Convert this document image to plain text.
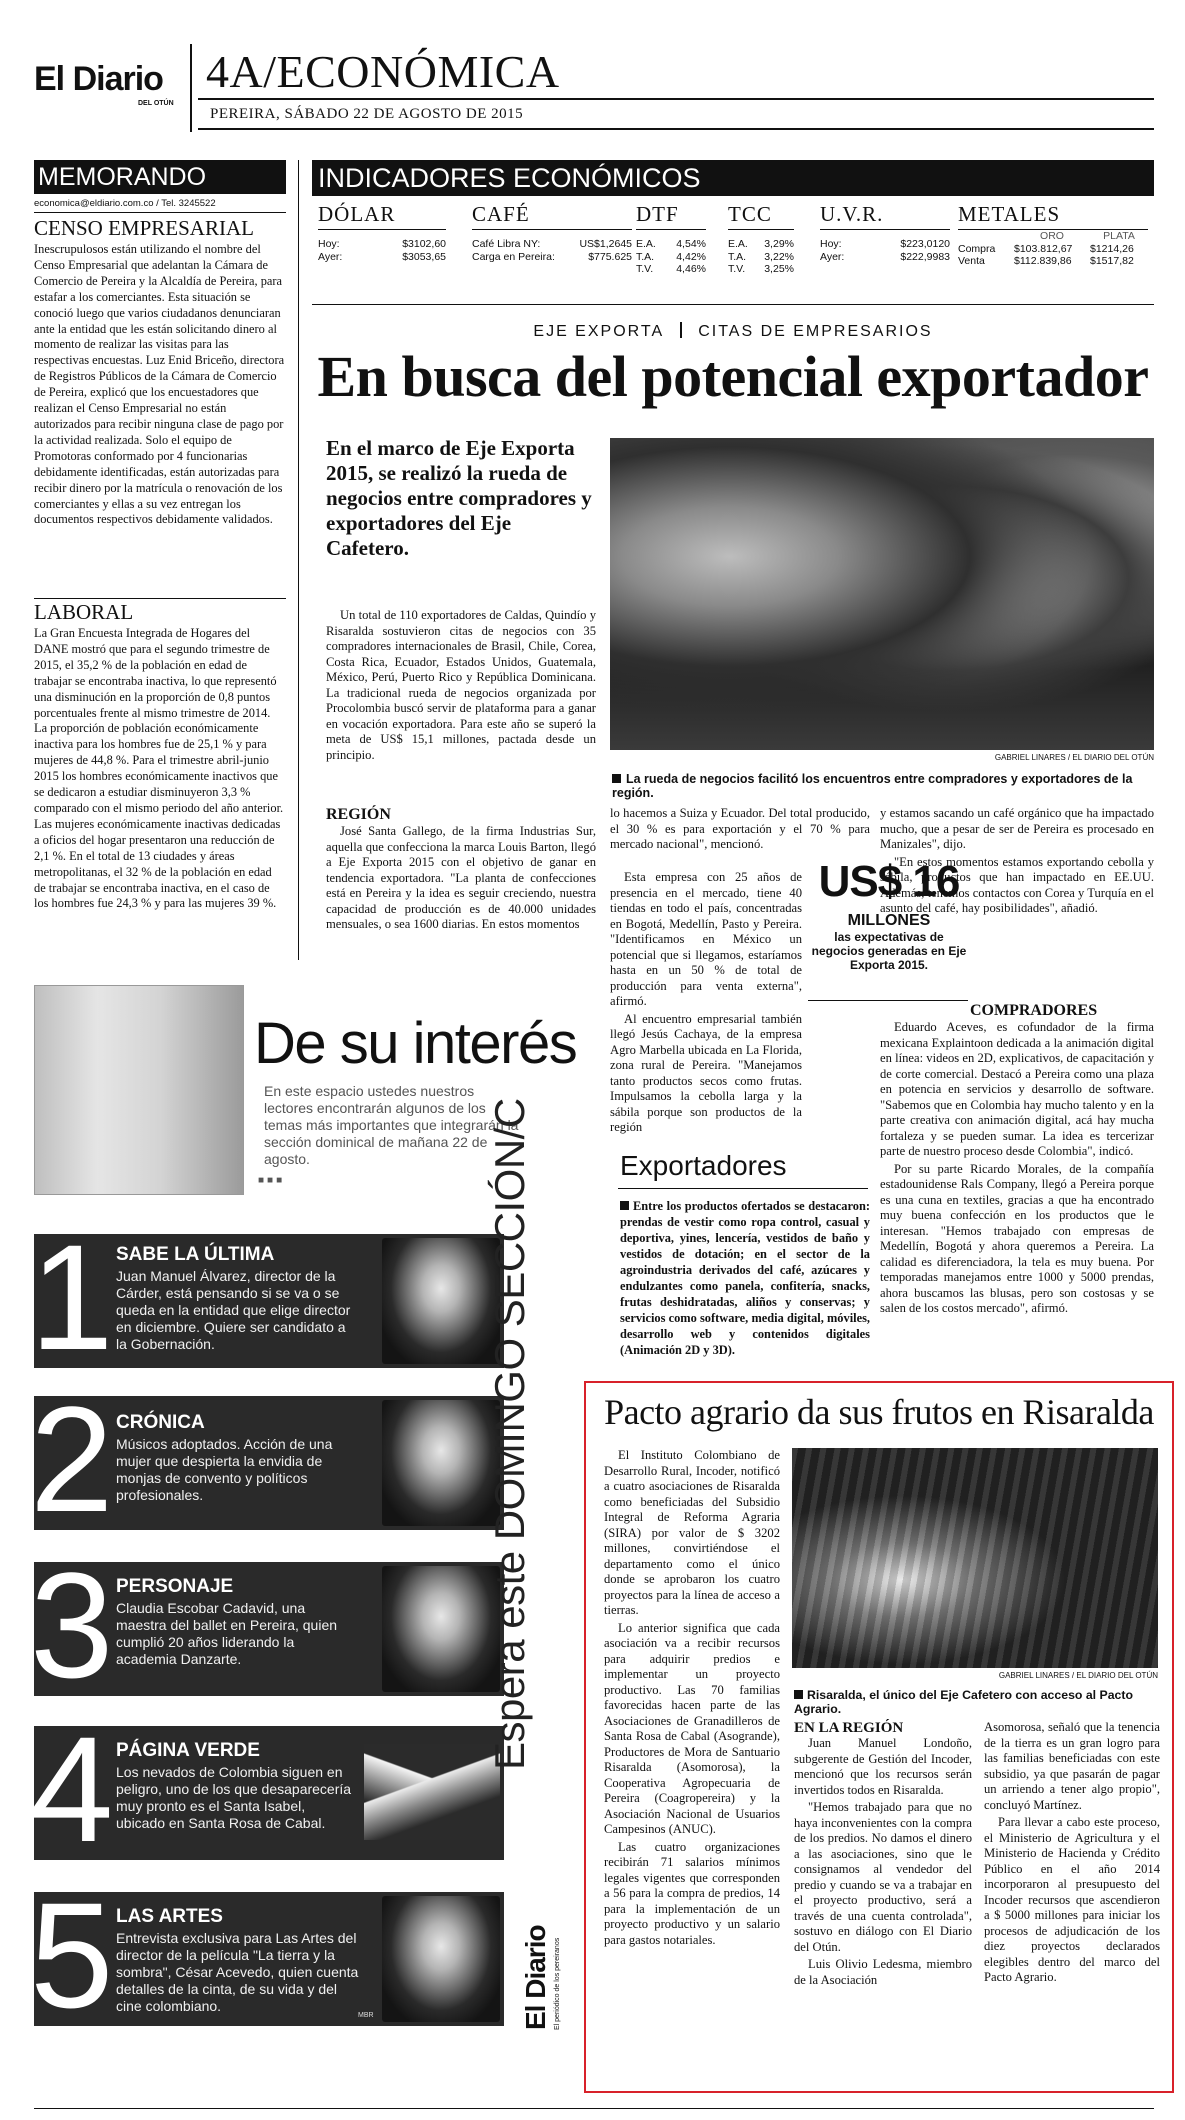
El Diario
DEL OTÚN
4A/ECONÓMICA
PEREIRA, SÁBADO 22 DE AGOSTO DE 2015
MEMORANDO
economica@eldiario.com.co / Tel. 3245522
CENSO EMPRESARIAL
Inescrupulosos están utilizando el nombre del Censo Empresarial que adelantan la Cámara de Comercio de Pereira y la Alcaldía de Pereira, para estafar a los comerciantes. Esta situación se conoció luego que varios ciudadanos denunciaran ante la entidad que les están solicitando dinero al momento de realizar las visitas para las respectivas encuestas. Luz Enid Briceño, directora de Registros Públicos de la Cámara de Comercio de Pereira, explicó que los encuestadores que realizan el Censo Empresarial no están autorizados para recibir ninguna clase de pago por la actividad realizada. Solo el equipo de Promotoras conformado por 4 funcionarias debidamente identificadas, están autorizadas para recibir dinero por la matrícula o renovación de los comerciantes y ellas a su vez entregan los documentos respectivos debidamente validados.
LABORAL
La Gran Encuesta Integrada de Hogares del DANE mostró que para el segundo trimestre de 2015, el 35,2 % de la población en edad de trabajar se encontraba inactiva, lo que representó una disminución en la proporción de 0,8 puntos porcentuales frente al mismo trimestre de 2014. La proporción de población económicamente inactiva para los hombres fue de 25,1 % y para mujeres de 44,8 %. Para el trimestre abril-junio 2015 los hombres económicamente inactivos que se dedicaron a estudiar disminuyeron 3,3 % comparado con el mismo periodo del año anterior. Las mujeres económicamente inactivas dedicadas a oficios del hogar presentaron una reducción de 2,1 %. En el total de 13 ciudades y áreas metropolitanas, el 32 % de la población en edad de trabajar se encontraba inactiva, en el caso de los hombres fue 24,3 % y para las mujeres 39 %.
INDICADORES ECONÓMICOS
DÓLAR
Hoy:	$3102,60
Ayer:	$3053,65
CAFÉ
Café Libra NY:	US$1,2645
Carga en Pereira:	$775.625
DTF
E.A. 4,54%
T.A. 4,42%
T.V. 4,46%
TCC
E.A. 3,29%
T.A. 3,22%
T.V. 3,25%
U.V.R.
Hoy:	$223,0120
Ayer:	$222,9983
METALES
ORO	PLATA
Compra	$103.812,67	$1214,26
Venta	$112.839,86	$1517,82
EJE EXPORTA CITAS DE EMPRESARIOS
En busca del potencial exportador
En el marco de Eje Exporta 2015, se realizó la rueda de negocios entre compradores y exportadores del Eje Cafetero.

Un total de 110 exportadores de Caldas, Quindío y Risaralda sostuvieron citas de negocios con 35 compradores internacionales de Brasil, Chile, Corea, Costa Rica, Ecuador, Estados Unidos, Guatemala, México, Perú, Puerto Rico y República Dominicana. La tradicional rueda de negocios organizada por Procolombia buscó servir de plataforma para a ganar en vocación exportadora. Para este año se superó la meta de US$ 15,1 millones, pactada desde un principio.

REGIÓN

José Santa Gallego, de la firma Industrias Sur, aquella que confecciona la marca Louis Barton, llegó a Eje Exporta 2015 con el objetivo de ganar en tendencia exportadora. "La planta de confecciones está en Pereira y la idea es seguir creciendo, nuestra capacidad de producción es de 40.000 unidades mensuales, o sea 1600 diarias. En estos momentos

GABRIEL LINARES / EL DIARIO DEL OTÚN
La rueda de negocios facilitó los encuentros entre compradores y exportadores de la región.

lo hacemos a Suiza y Ecuador. Del total producido, el 30 % es para exportación y el 70 % para mercado nacional", mencionó.

Esta empresa con 25 años de presencia en el mercado, tiene 40 tiendas en todo el país, concentradas en Bogotá, Medellín, Pasto y Pereira. "Identificamos en México un potencial que si llegamos, estaríamos hasta en un 50 % de total de producción para venta externa", afirmó.

Al encuentro empresarial también llegó Jesús Cachaya, de la empresa Agro Marbella ubicada en La Florida, zona rural de Pereira. "Manejamos tanto productos secos como frutas. Impulsamos la cebolla larga y la sábila porque son productos de la región

US$ 16
MILLONES
las expectativas de negocios generadas en Eje Exporta 2015.

y estamos sacando un café orgánico que ha impactado mucho, que a pesar de ser de Pereira es procesado en Manizales", dijo.

"En estos momentos estamos exportando cebolla y sábila, productos que han impactado en EE.UU. Además, tenemos contactos con Corea y Turquía en el asunto del café, hay posibilidades", añadió.

COMPRADORES

Eduardo Aceves, es cofundador de la firma mexicana Explaintoon dedicada a la animación digital en línea: videos en 2D, explicativos, de capacitación y de corte comercial. Destacó a Pereira como una plaza en potencia en servicios y desarrollo de software. "Sabemos que en Colombia hay mucho talento y en la parte creativa con animación digital, acá hay mucha fortaleza y se pueden sumar. La idea es tercerizar parte de nuestro proceso desde Colombia", indicó.

Por su parte Ricardo Morales, de la compañía estadounidense Rals Company, llegó a Pereira porque es una cuna en textiles, gracias a que ha encontrado muy buena confección en los productos que le interesan. "Hemos trabajado con empresas de Medellín, Bogotá y ahora queremos a Pereira. La calidad es diferenciadora, la tela es muy buena. Por temporadas manejamos entre 1000 y 5000 prendas, ahora buscamos las blusas, pero son costosas y se salen de los costos mercado", afirmó.

Exportadores
Entre los productos ofertados se destacaron: prendas de vestir como ropa control, casual y deportiva, yines, lencería, vestidos de baño y vestidos de dotación; en el sector de la agroindustria derivados del café, azúcares y endulzantes como panela, confitería, snacks, frutas deshidratadas, aliños y conservas; y servicios como software, media digital, móviles, desarrollo web y contenidos digitales (Animación 2D y 3D).
De su interés
En este espacio ustedes nuestros lectores encontrarán algunos de los temas más importantes que integrarán la sección dominical de mañana 22 de agosto.
■■■
1 SABE LA ÚLTIMA
Juan Manuel Álvarez, director de la Cárder, está pensando si se va o se queda en la entidad que elige director en diciembre. Quiere ser candidato a la Gobernación.
2 CRÓNICA
Músicos adoptados. Acción de una mujer que despierta la envidia de monjas de convento y políticos profesionales.
3 PERSONAJE
Claudia Escobar Cadavid, una maestra del ballet en Pereira, quien cumplió 20 años liderando la academia Danzarte.
4 PÁGINA VERDE
Los nevados de Colombia siguen en peligro, uno de los que desaparecería muy pronto es el Santa Isabel, ubicado en Santa Rosa de Cabal.
5 LAS ARTES
Entrevista exclusiva para Las Artes del director de la película "La tierra y la sombra", César Acevedo, quien cuenta detalles de la cinta, de su vida y del cine colombiano.
MBR
Espera este DOMINGO SECCIÓN/C
El Diario El periódico de los pereiranos
Pacto agrario da sus frutos en Risaralda

El Instituto Colombiano de Desarrollo Rural, Incoder, notificó a cuatro asociaciones de Risaralda como beneficiadas del Subsidio Integral de Reforma Agraria (SIRA) por valor de $ 3202 millones, convirtiéndose el departamento como el único donde se aprobaron los cuatro proyectos para la línea de acceso a tierras.

Lo anterior significa que cada asociación va a recibir recursos para adquirir predios e implementar un proyecto productivo. Las 70 familias favorecidas hacen parte de las Asociaciones de Granadilleros de Santa Rosa de Cabal (Asogrande), Productores de Mora de Santuario Risaralda (Asomorosa), la Cooperativa Agropecuaria de Pereira (Coagropereira) y la Asociación Nacional de Usuarios Campesinos (ANUC).

Las cuatro organizaciones recibirán 71 salarios mínimos legales vigentes que corresponden a 56 para la compra de predios, 14 para la implementación de un proyecto productivo y un salario para gastos notariales.

GABRIEL LINARES / EL DIARIO DEL OTÚN
Risaralda, el único del Eje Cafetero con acceso al Pacto Agrario.
EN LA REGIÓN

Juan Manuel Londoño, subgerente de Gestión del Incoder, mencionó que los recursos serán invertidos todos en Risaralda.

"Hemos trabajado para que no haya inconvenientes con la compra de los predios. No damos el dinero a las asociaciones, sino que le consignamos al vendedor del predio y cuando se va a trabajar en el proyecto productivo, será a través de una cuenta controlada", sostuvo en diálogo con El Diario del Otún.

Luis Olivio Ledesma, miembro de la Asociación

Asomorosa, señaló que la tenencia de la tierra es un gran logro para las familias beneficiadas con este subsidio, ya que pasarán de pagar un arriendo a tener algo propio", concluyó Martínez.

Para llevar a cabo este proceso, el Ministerio de Agricultura y el Ministerio de Hacienda y Crédito Público en el año 2014 incorporaron al presupuesto del Incoder recursos que ascendieron a $ 5000 millones para iniciar los procesos de adjudicación de los diez proyectos declarados elegibles dentro del marco del Pacto Agrario.
